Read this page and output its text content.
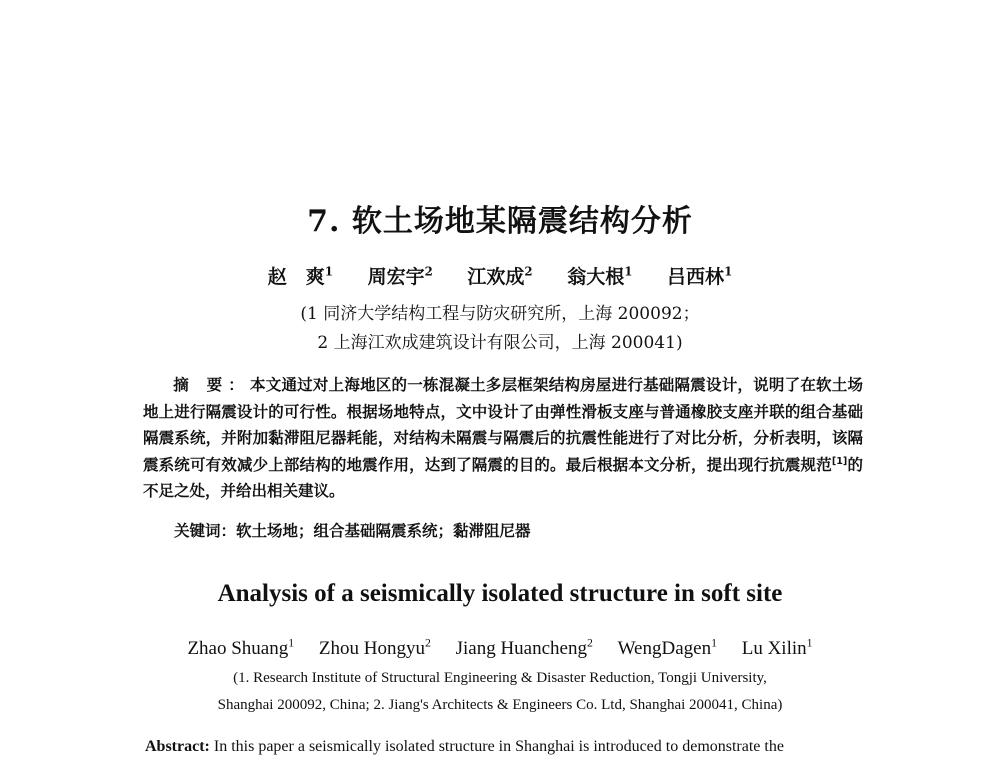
7. 软土场地某隔震结构分析
赵　爽$^1$ 周宏宇$^2$ 江欢成$^2$ 翁大根$^1$ 吕西林$^1$
(1 同济大学结构工程与防灾研究所，上海 200092；
2 上海江欢成建筑设计有限公司，上海 200041)
摘 要：本文通过对上海地区的一栋混凝土多层框架结构房屋进行基础隔震设计，说明了在软土场地上进行隔震设计的可行性。根据场地特点，文中设计了由弹性滑板支座与普通橡胶支座并联的组合基础隔震系统，并附加黏滞阻尼器耗能，对结构未隔震与隔震后的抗震性能进行了对比分析，分析表明，该隔震系统可有效减少上部结构的地震作用，达到了隔震的目的。最后根据本文分析，提出现行抗震规范[1]的不足之处，并给出相关建议。
关键词：软土场地；组合基础隔震系统；黏滞阻尼器
Analysis of a seismically isolated structure in soft site
Zhao Shuang$^1$ Zhou Hongyu$^2$ Jiang Huancheng$^2$ WengDagen$^1$ Lu Xilin$^1$
(1. Research Institute of Structural Engineering & Disaster Reduction, Tongji University,
Shanghai 200092, China; 2. Jiang's Architects & Engineers Co. Ltd, Shanghai 200041, China)
Abstract: In this paper a seismically isolated structure in Shanghai is introduced to demonstrate the
